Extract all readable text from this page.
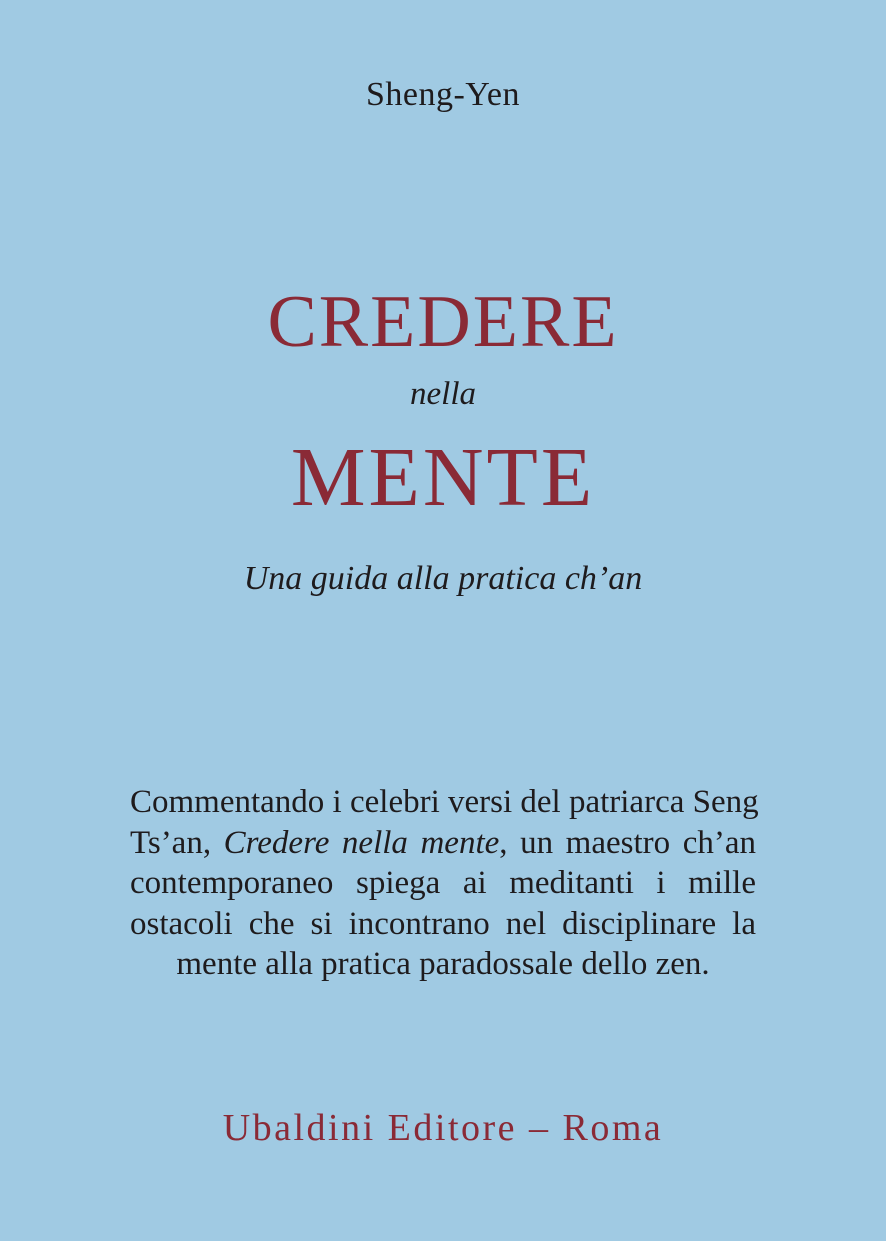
Sheng-Yen
CREDERE
nella
MENTE
Una guida alla pratica ch’an
Commentando i celebri versi del patriarca Seng
Ts’an, Credere nella mente, un maestro ch’an
contemporaneo spiega ai meditanti i mille
ostacoli che si incontrano nel disciplinare la
mente alla pratica paradossale dello zen.
Ubaldini Editore – Roma
